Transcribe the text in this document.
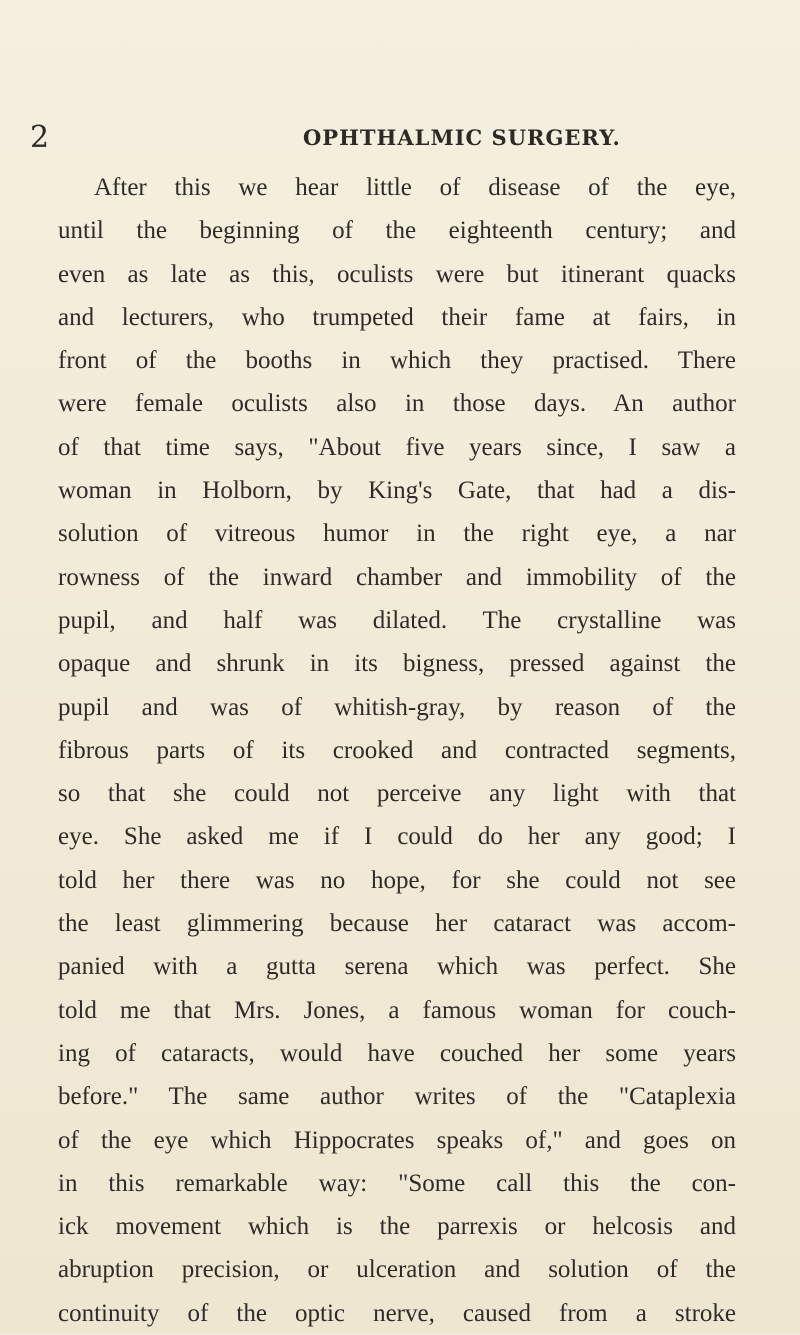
2	OPHTHALMIC SURGERY.
After this we hear little of disease of the eye,
until the beginning of the eighteenth century; and
even as late as this, oculists were but itinerant quacks
and lecturers, who trumpeted their fame at fairs, in
front of the booths in which they practised. There
were female oculists also in those days. An author
of that time says, "About five years since, I saw a
woman in Holborn, by King's Gate, that had a dis-
solution of vitreous humor in the right eye, a nar
rowness of the inward chamber and immobility of the
pupil, and half was dilated. The crystalline was
opaque and shrunk in its bigness, pressed against the
pupil and was of whitish-gray, by reason of the
fibrous parts of its crooked and contracted segments,
so that she could not perceive any light with that
eye. She asked me if I could do her any good; I
told her there was no hope, for she could not see
the least glimmering because her cataract was accom-
panied with a gutta serena which was perfect. She
told me that Mrs. Jones, a famous woman for couch-
ing of cataracts, would have couched her some years
before." The same author writes of the "Cataplexia
of the eye which Hippocrates speaks of," and goes on
in this remarkable way: "Some call this the con-
ick movement which is the parrexis or helcosis and
abruption precision, or ulceration and solution of the
continuity of the optic nerve, caused from a stroke
